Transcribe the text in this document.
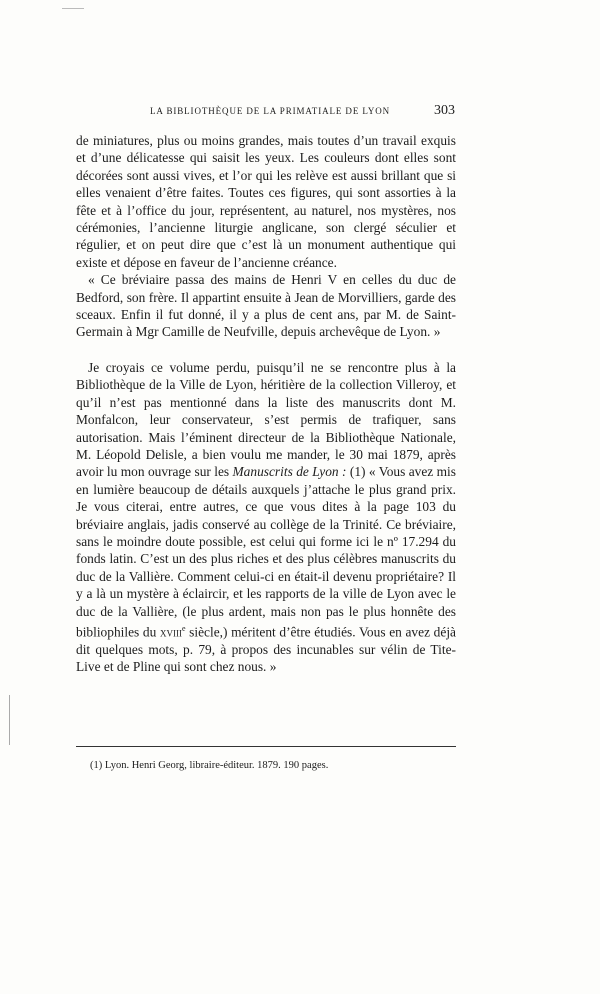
LA BIBLIOTHÈQUE DE LA PRIMATIALE DE LYON	303

de miniatures, plus ou moins grandes, mais toutes d’un travail exquis et d’une délicatesse qui saisit les yeux. Les couleurs dont elles sont décorées sont aussi vives, et l’or qui les relève est aussi brillant que si elles venaient d’être faites. Toutes ces figures, qui sont assorties à la fête et à l’office du jour, représentent, au naturel, nos mystères, nos cérémonies, l’ancienne liturgie anglicane, son clergé séculier et régulier, et on peut dire que c’est là un monument authentique qui existe et dépose en faveur de l’ancienne créance.

« Ce bréviaire passa des mains de Henri V en celles du duc de Bedford, son frère. Il appartint ensuite à Jean de Morvilliers, garde des sceaux. Enfin il fut donné, il y a plus de cent ans, par M. de Saint-Germain à Mgr Camille de Neufville, depuis archevêque de Lyon. »

Je croyais ce volume perdu, puisqu’il ne se rencontre plus à la Bibliothèque de la Ville de Lyon, héritière de la collection Villeroy, et qu’il n’est pas mentionné dans la liste des manuscrits dont M. Monfalcon, leur conservateur, s’est permis de trafiquer, sans autorisation. Mais l’éminent directeur de la Bibliothèque Nationale, M. Léopold Delisle, a bien voulu me mander, le 30 mai 1879, après avoir lu mon ouvrage sur les Manuscrits de Lyon : (1) « Vous avez mis en lumière beaucoup de détails auxquels j’attache le plus grand prix. Je vous citerai, entre autres, ce que vous dites à la page 103 du bréviaire anglais, jadis conservé au collège de la Trinité. Ce bréviaire, sans le moindre doute possible, est celui qui forme ici le nº 17.294 du fonds latin. C’est un des plus riches et des plus célèbres manuscrits du duc de la Vallière. Comment celui-ci en était-il devenu propriétaire? Il y a là un mystère à éclaircir, et les rapports de la ville de Lyon avec le duc de la Vallière, (le plus ardent, mais non pas le plus honnête des bibliophiles du xviii$^e$ siècle,) méritent d’être étudiés. Vous en avez déjà dit quelques mots, p. 79, à propos des incunables sur vélin de Tite-Live et de Pline qui sont chez nous. »

(1) Lyon. Henri Georg, libraire-éditeur. 1879. 190 pages.
